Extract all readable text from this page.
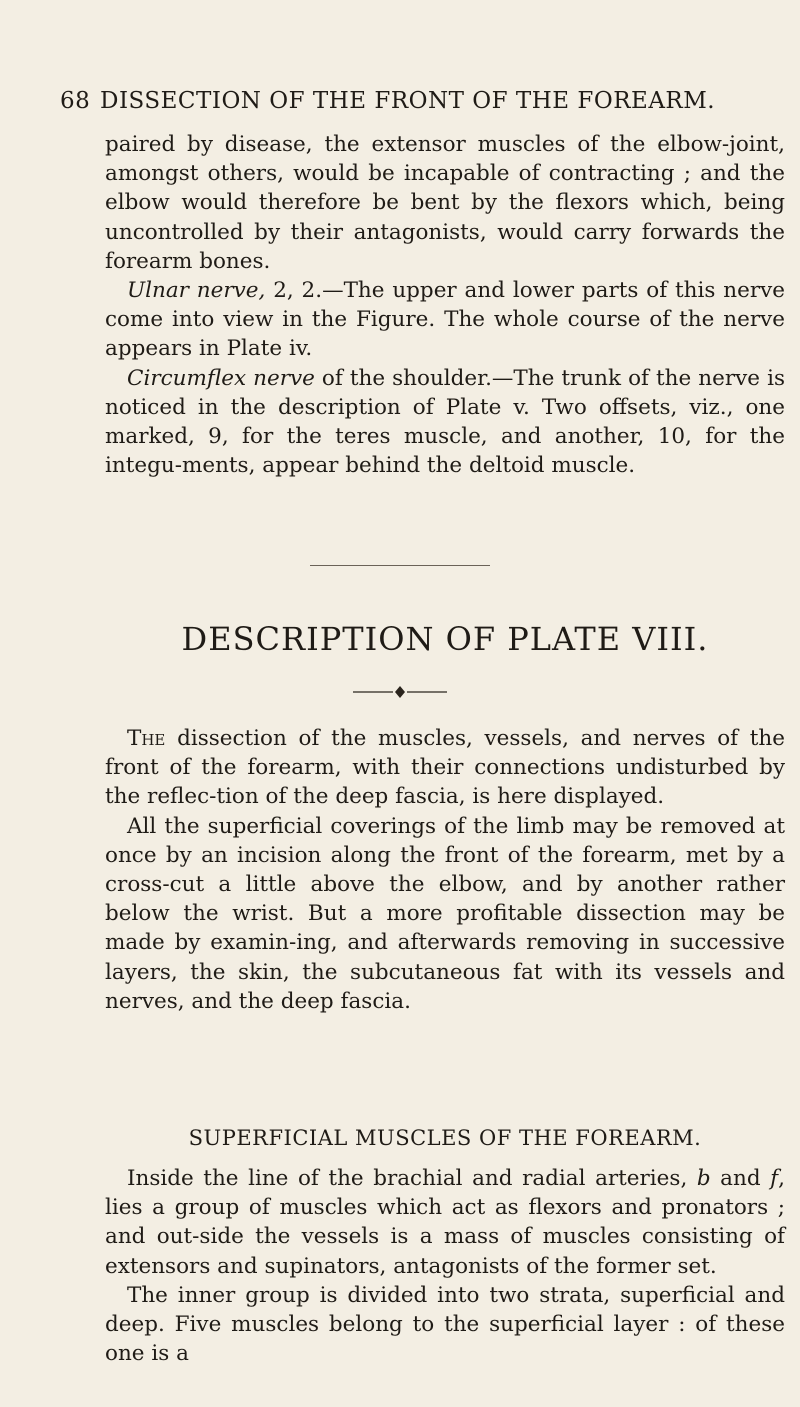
68 DISSECTION OF THE FRONT OF THE FOREARM.

paired by disease, the extensor muscles of the elbow-joint, amongst others, would be incapable of contracting ; and the elbow would therefore be bent by the flexors which, being uncontrolled by their antagonists, would carry forwards the forearm bones.

Ulnar nerve, 2, 2.—The upper and lower parts of this nerve come into view in the Figure. The whole course of the nerve appears in Plate iv.

Circumflex nerve of the shoulder.—The trunk of the nerve is noticed in the description of Plate v. Two offsets, viz., one marked, 9, for the teres muscle, and another, 10, for the integu-ments, appear behind the deltoid muscle.

DESCRIPTION OF PLATE VIII.

The dissection of the muscles, vessels, and nerves of the front of the forearm, with their connections undisturbed by the reflec-tion of the deep fascia, is here displayed.

All the superficial coverings of the limb may be removed at once by an incision along the front of the forearm, met by a cross-cut a little above the elbow, and by another rather below the wrist. But a more profitable dissection may be made by examin-ing, and afterwards removing in successive layers, the skin, the subcutaneous fat with its vessels and nerves, and the deep fascia.

SUPERFICIAL MUSCLES OF THE FOREARM.

Inside the line of the brachial and radial arteries, b and f, lies a group of muscles which act as flexors and pronators ; and out-side the vessels is a mass of muscles consisting of extensors and supinators, antagonists of the former set.

The inner group is divided into two strata, superficial and deep. Five muscles belong to the superficial layer : of these one is a
